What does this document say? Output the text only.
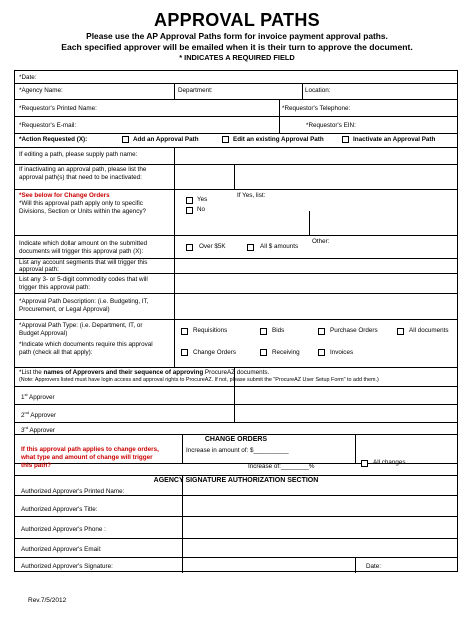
APPROVAL PATHS
Please use the AP Approval Paths form for invoice payment approval paths.
Each specified approver will be emailed when it is their turn to approve the document.
* INDICATES A REQUIRED FIELD
*Date:
*Agency Name:	Department:	Location:
*Requestor's Printed Name:	*Requestor's Telephone:
*Requestor's E-mail:	*Requestor's EIN:
*Action Requested (X):	Add an Approval Path	Edit an existing Approval Path	Inactivate an Approval Path
If editing a path, please supply path name:
If inactivating an approval path, please list the
approval path(s) that need to be inactivated:
*See below for Change Orders
*Will this approval path apply only to specific
Divisions, Section or Units within the agency?
Yes
No
If Yes, list:
Indicate which dollar amount on the submitted
documents will trigger this approval path (X):
Over $5K	All $ amounts
Other:
List any account segments that will trigger this
approval path:
List any 3- or 5-digit commodity codes that will
trigger this approval path:
*Approval Path Description: (i.e. Budgeting, IT,
Procurement, or Legal Approval)
*Approval Path Type: (i.e. Department, IT, or
Budget Approval)
*Indicate which documents require this approval
path (check all that apply):
Requisitions	Bids	Purchase Orders	All documents
Change Orders	Receiving	Invoices
*List the names of Approvers and their sequence of approving ProcureAZ documents.
(Note: Approvers listed must have login access and approval rights to ProcureAZ. If not, please submit the "ProcureAZ User Setup Form" to add them.)
1st Approver
2nd Approver
3rd Approver
CHANGE ORDERS
If this approval path applies to change orders,
what type and amount of change will trigger
this path?
Increase in amount of: $__________
Increase of:________%
All changes
AGENCY SIGNATURE AUTHORIZATION SECTION
Authorized Approver's Printed Name:
Authorized Approver's Title:
Authorized Approver's Phone :
Authorized Approver's Email:
Authorized Approver's Signature:	Date:
Rev.7/5/2012
